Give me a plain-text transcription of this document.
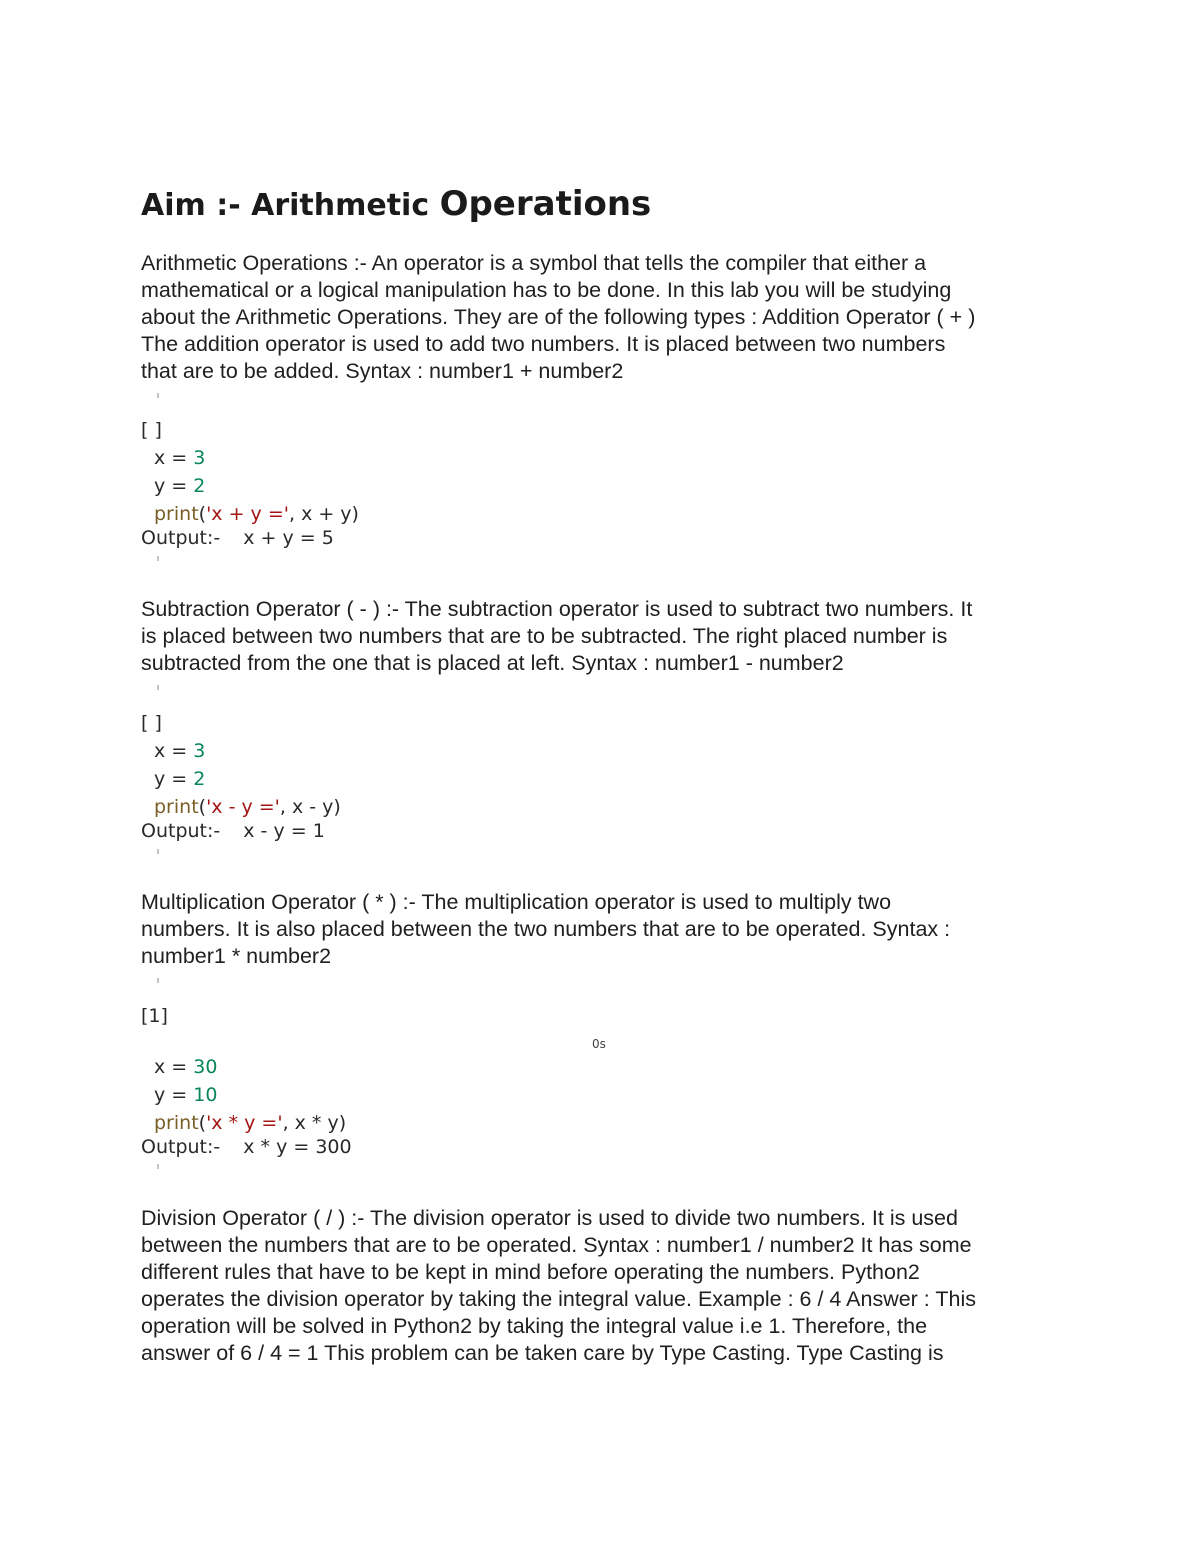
Aim :- Arithmetic Operations
Arithmetic Operations :- An operator is a symbol that tells the compiler that either a
mathematical or a logical manipulation has to be done. In this lab you will be studying
about the Arithmetic Operations. They are of the following types : Addition Operator ( + )
The addition operator is used to add two numbers. It is placed between two numbers
that are to be added. Syntax : number1 + number2
[ ]
x = 3
y = 2
print('x + y =', x + y)
Output:- x + y = 5
Subtraction Operator ( - ) :- The subtraction operator is used to subtract two numbers. It
is placed between two numbers that are to be subtracted. The right placed number is
subtracted from the one that is placed at left. Syntax : number1 - number2
[ ]
x = 3
y = 2
print('x - y =', x - y)
Output:- x - y = 1
Multiplication Operator ( * ) :- The multiplication operator is used to multiply two
numbers. It is also placed between the two numbers that are to be operated. Syntax :
number1 * number2
[1]
0s
x = 30
y = 10
print('x * y =', x * y)
Output:- x * y = 300
Division Operator ( / ) :- The division operator is used to divide two numbers. It is used
between the numbers that are to be operated. Syntax : number1 / number2 It has some
different rules that have to be kept in mind before operating the numbers. Python2
operates the division operator by taking the integral value. Example : 6 / 4 Answer : This
operation will be solved in Python2 by taking the integral value i.e 1. Therefore, the
answer of 6 / 4 = 1 This problem can be taken care by Type Casting. Type Casting is
